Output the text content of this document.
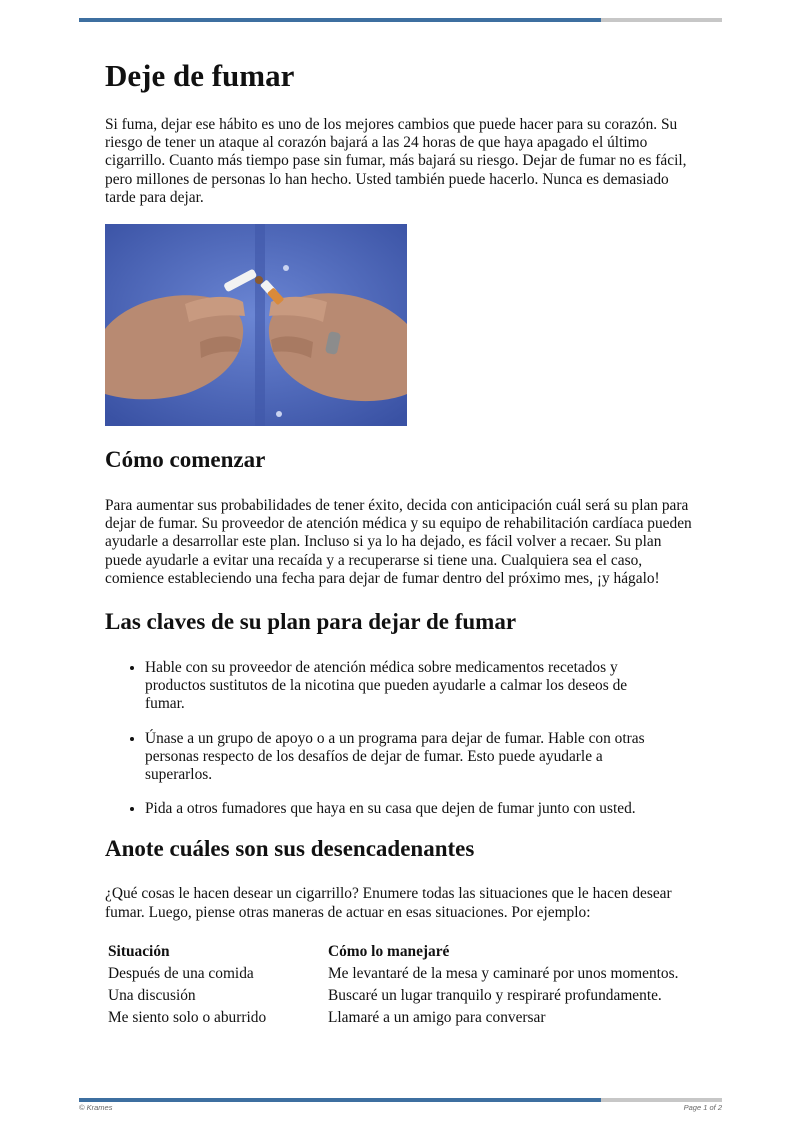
Deje de fumar

Si fuma, dejar ese hábito es uno de los mejores cambios que puede hacer para su corazón. Su riesgo de tener un ataque al corazón bajará a las 24 horas de que haya apagado el último cigarrillo. Cuanto más tiempo pase sin fumar, más bajará su riesgo. Dejar de fumar no es fácil, pero millones de personas lo han hecho. Usted también puede hacerlo. Nunca es demasiado tarde para dejar.

Cómo comenzar

Para aumentar sus probabilidades de tener éxito, decida con anticipación cuál será su plan para dejar de fumar. Su proveedor de atención médica y su equipo de rehabilitación cardíaca pueden ayudarle a desarrollar este plan. Incluso si ya lo ha dejado, es fácil volver a recaer. Su plan puede ayudarle a evitar una recaída y a recuperarse si tiene una. Cualquiera sea el caso, comience estableciendo una fecha para dejar de fumar dentro del próximo mes, ¡y hágalo!

Las claves de su plan para dejar de fumar
• Hable con su proveedor de atención médica sobre medicamentos recetados y productos sustitutos de la nicotina que pueden ayudarle a calmar los deseos de fumar.
• Únase a un grupo de apoyo o a un programa para dejar de fumar. Hable con otras personas respecto de los desafíos de dejar de fumar. Esto puede ayudarle a superarlos.
• Pida a otros fumadores que haya en su casa que dejen de fumar junto con usted.
Anote cuáles son sus desencadenantes

¿Qué cosas le hacen desear un cigarrillo? Enumere todas las situaciones que le hacen desear fumar. Luego, piense otras maneras de actuar en esas situaciones. Por ejemplo:

Situación	Cómo lo manejaré
Después de una comida	Me levantaré de la mesa y caminaré por unos momentos.
Una discusión	Buscaré un lugar tranquilo y respiraré profundamente.
Me siento solo o aburrido	Llamaré a un amigo para conversar
© Krames	Page 1 of 2
